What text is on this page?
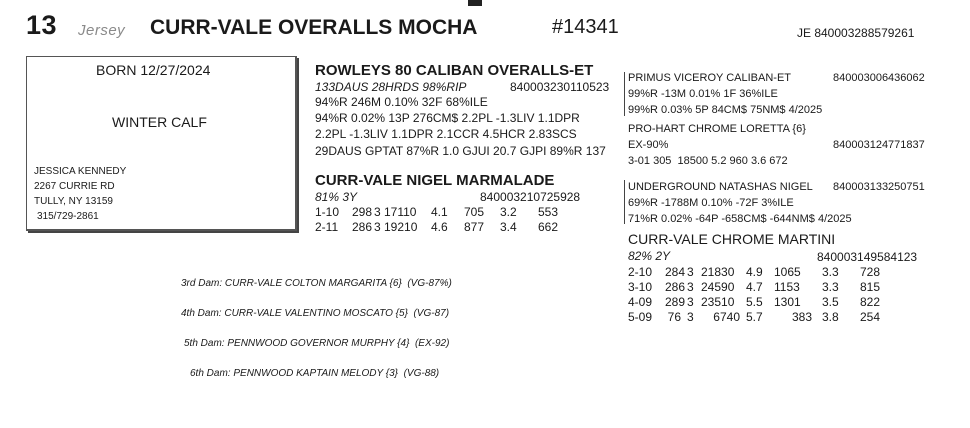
13 Jersey CURR-VALE OVERALLS MOCHA	#14341	JE 840003288579261
BORN 12/27/2024
WINTER CALF
JESSICA KENNEDY
2267 CURRIE RD
TULLY, NY 13159
315/729-2861
ROWLEYS 80 CALIBAN OVERALLS-ET
133DAUS 28HRDS 98%RIP	840003230110523
94%R 246M 0.10% 32F 68%ILE
94%R 0.02% 13P 276CM$ 2.2PL -1.3LIV 1.1DPR
2.2PL -1.3LIV 1.1DPR 2.1CCR 4.5HCR 2.83SCS
29DAUS GPTAT 87%R 1.0 GJUI 20.7 GJPI 89%R 137
PRIMUS VICEROY CALIBAN-ET	840003006436062
99%R -13M 0.01% 1F 36%ILE
99%R 0.03% 5P 84CM$ 75NM$ 4/2025
PRO-HART CHROME LORETTA {6}
EX-90%	840003124771837
3-01 305  18500 5.2 960 3.6 672
CURR-VALE NIGEL MARMALADE
81% 3Y	840003210725928
1-10	298	3	17110	4.1	705	3.2	553
2-11	286	3	19210	4.6	877	3.4	662
UNDERGROUND NATASHAS NIGEL 840003133250751
69%R -1788M 0.10% -72F 3%ILE
71%R 0.02% -64P -658CM$ -644NM$ 4/2025
CURR-VALE CHROME MARTINI
82% 2Y	840003149584123
2-10	284	3	21830	4.9	1065	3.3	728
3-10	286	3	24590	4.7	1153	3.3	815
4-09	289	3	23510	5.5	1301	3.5	822
5-09	76	3	6740	5.7	383	3.8	254
3rd Dam: CURR-VALE COLTON MARGARITA {6}  (VG-87%)
4th Dam: CURR-VALE VALENTINO MOSCATO {5}  (VG-87)
5th Dam: PENNWOOD GOVERNOR MURPHY {4}  (EX-92)
6th Dam: PENNWOOD KAPTAIN MELODY {3}  (VG-88)
